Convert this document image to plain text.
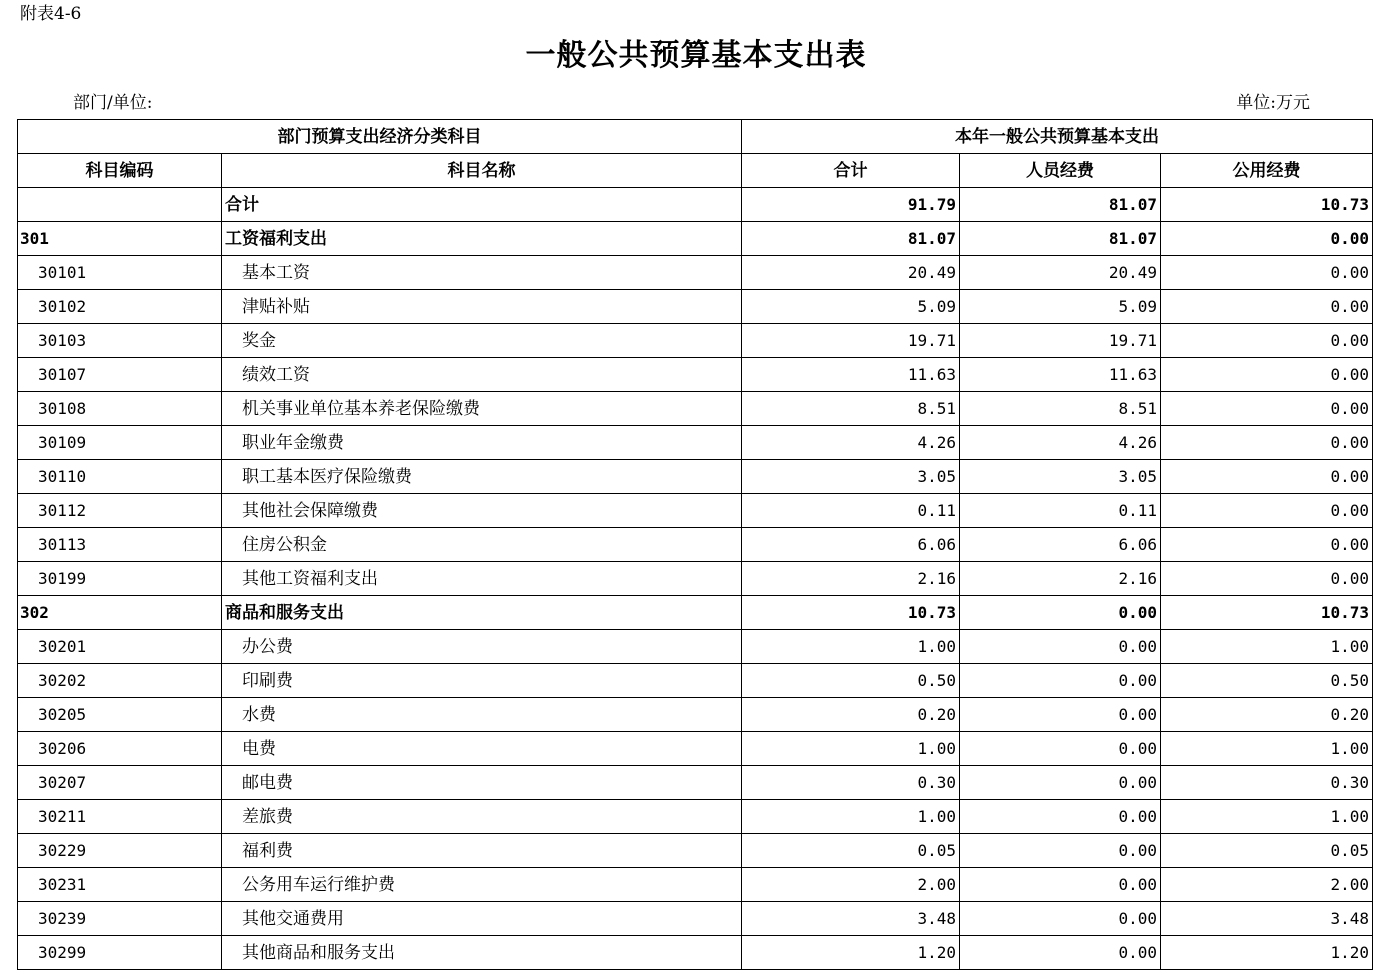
附表4-6
一般公共预算基本支出表
部门/单位:	单位:万元
部门预算支出经济分类科目		本年一般公共预算基本支出		
科目编码	科目名称	合计	人员经费	公用经费
	合计	91.79	81.07	10.73
301	工资福利支出	81.07	81.07	0.00
30101	基本工资	20.49	20.49	0.00
30102	津贴补贴	5.09	5.09	0.00
30103	奖金	19.71	19.71	0.00
30107	绩效工资	11.63	11.63	0.00
30108	机关事业单位基本养老保险缴费	8.51	8.51	0.00
30109	职业年金缴费	4.26	4.26	0.00
30110	职工基本医疗保险缴费	3.05	3.05	0.00
30112	其他社会保障缴费	0.11	0.11	0.00
30113	住房公积金	6.06	6.06	0.00
30199	其他工资福利支出	2.16	2.16	0.00
302	商品和服务支出	10.73	0.00	10.73
30201	办公费	1.00	0.00	1.00
30202	印刷费	0.50	0.00	0.50
30205	水费	0.20	0.00	0.20
30206	电费	1.00	0.00	1.00
30207	邮电费	0.30	0.00	0.30
30211	差旅费	1.00	0.00	1.00
30229	福利费	0.05	0.00	0.05
30231	公务用车运行维护费	2.00	0.00	2.00
30239	其他交通费用	3.48	0.00	3.48
30299	其他商品和服务支出	1.20	0.00	1.20
